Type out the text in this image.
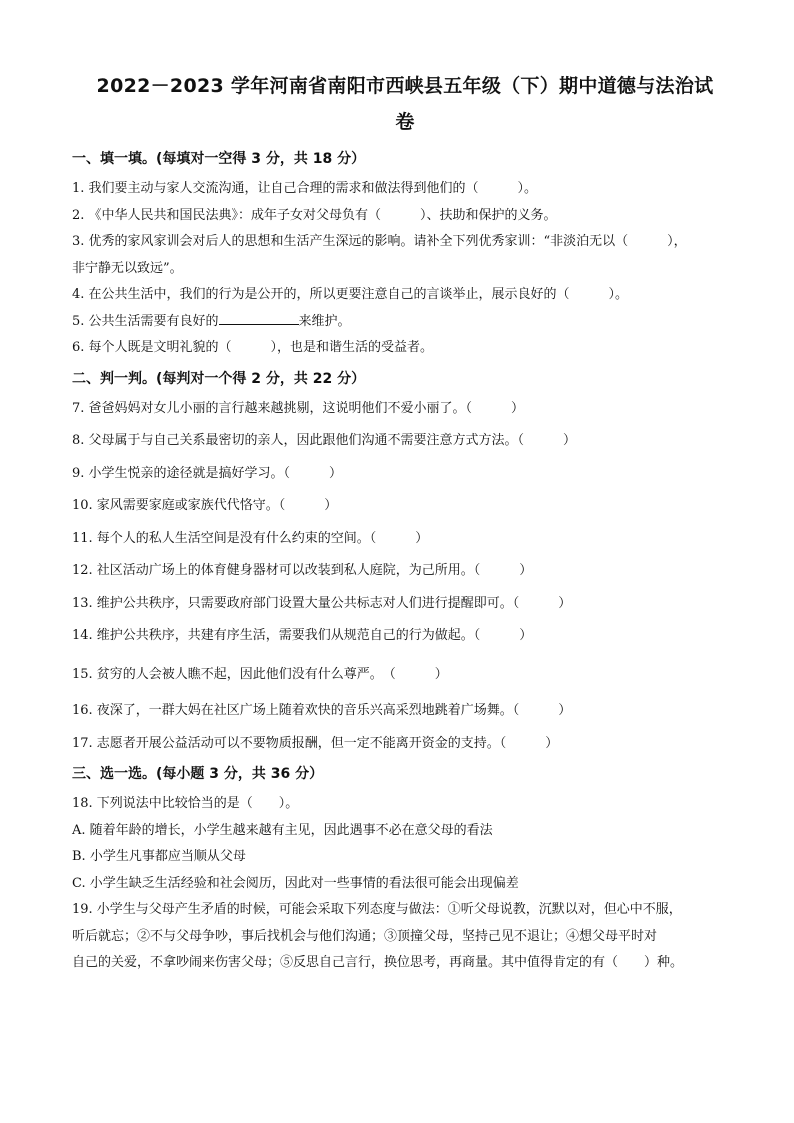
2022－2023 学年河南省南阳市西峡县五年级（下）期中道德与法治试
卷
一、填一填。(每填对一空得 3 分，共 18 分）

1. 我们要主动与家人交流沟通，让自己合理的需求和做法得到他们的（　　　）。

2. 《中华人民共和国民法典》：成年子女对父母负有（　　　）、扶助和保护的义务。

3. 优秀的家风家训会对后人的思想和生活产生深远的影响。请补全下列优秀家训：“非淡泊无以（　　　），

非宁静无以致远”。

4. 在公共生活中，我们的行为是公开的，所以更要注意自己的言谈举止，展示良好的（　　　）。

5. 公共生活需要有良好的	来维护。

6. 每个人既是文明礼貌的（　　　），也是和谐生活的受益者。

二、判一判。(每判对一个得 2 分，共 22 分）

7. 爸爸妈妈对女儿小丽的言行越来越挑剔，这说明他们不爱小丽了。（　　　）

8. 父母属于与自己关系最密切的亲人，因此跟他们沟通不需要注意方式方法。（　　　）

9. 小学生悦亲的途径就是搞好学习。（　　　）

10. 家风需要家庭或家族代代恪守。（　　　）

11. 每个人的私人生活空间是没有什么约束的空间。（　　　）

12. 社区活动广场上的体育健身器材可以改装到私人庭院，为己所用。（　　　）

13. 维护公共秩序，只需要政府部门设置大量公共标志对人们进行提醒即可。（　　　）

14. 维护公共秩序，共建有序生活，需要我们从规范自己的行为做起。（　　　）

15. 贫穷的人会被人瞧不起，因此他们没有什么尊严。　（　　　）

16. 夜深了，一群大妈在社区广场上随着欢快的音乐兴高采烈地跳着广场舞。（　　　）

17. 志愿者开展公益活动可以不要物质报酬，但一定不能离开资金的支持。（　　　）

三、选一选。(每小题 3 分，共 36 分）

18. 下列说法中比较恰当的是（　　）。

A. 随着年龄的增长，小学生越来越有主见，因此遇事不必在意父母的看法

B. 小学生凡事都应当顺从父母

C. 小学生缺乏生活经验和社会阅历，因此对一些事情的看法很可能会出现偏差

19. 小学生与父母产生矛盾的时候，可能会采取下列态度与做法：①听父母说教，沉默以对，但心中不服，

听后就忘；②不与父母争吵，事后找机会与他们沟通；③顶撞父母，坚持己见不退让；④想父母平时对

自己的关爱，不拿吵闹来伤害父母；⑤反思自己言行，换位思考，再商量。其中值得肯定的有（　　）种。
